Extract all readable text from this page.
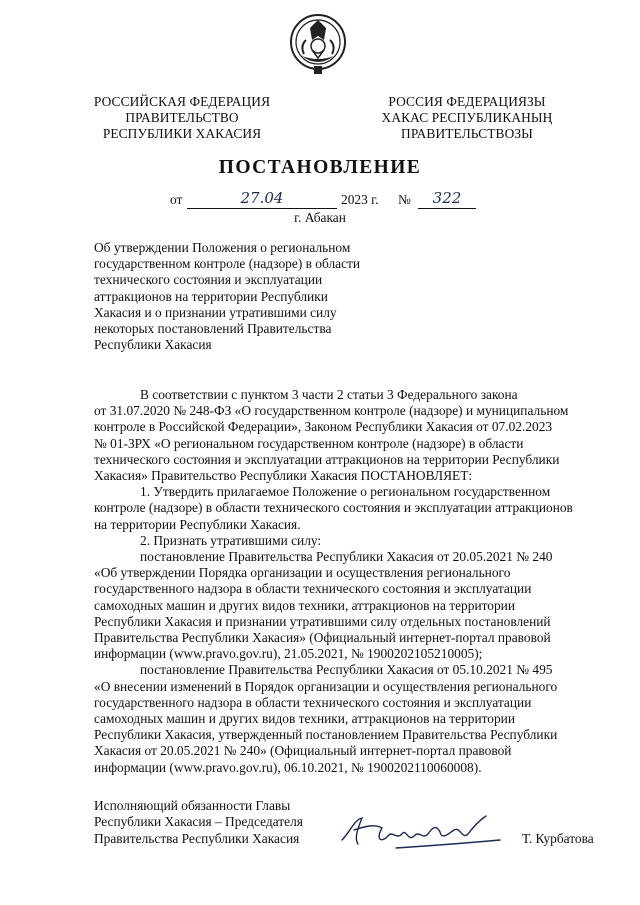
РОССИЙСКАЯ ФЕДЕРАЦИЯ
ПРАВИТЕЛЬСТВО
РЕСПУБЛИКИ ХАКАСИЯ
РОССИЯ ФЕДЕРАЦИЯЗЫ
ХАКАС РЕСПУБЛИКАНЫҢ
ПРАВИТЕЛЬСТВОЗЫ
ПОСТАНОВЛЕНИЕ
от	27.04	2023 г. №	322
г. Абакан
Об утверждении Положения о региональном
государственном контроле (надзоре) в области
технического состояния и эксплуатации
аттракционов на территории Республики
Хакасия и о признании утратившими силу
некоторых постановлений Правительства
Республики Хакасия

В соответствии с пунктом 3 части 2 статьи 3 Федерального закона
от 31.07.2020 № 248-ФЗ «О государственном контроле (надзоре) и муниципальном
контроле в Российской Федерации», Законом Республики Хакасия от 07.02.2023
№ 01-ЗРХ «О региональном государственном контроле (надзоре) в области
технического состояния и эксплуатации аттракционов на территории Республики
Хакасия» Правительство Республики Хакасия ПОСТАНОВЛЯЕТ:

1. Утвердить прилагаемое Положение о региональном государственном
контроле (надзоре) в области технического состояния и эксплуатации аттракционов
на территории Республики Хакасия.

2. Признать утратившими силу:

постановление Правительства Республики Хакасия от 20.05.2021 № 240
«Об утверждении Порядка организации и осуществления регионального
государственного надзора в области технического состояния и эксплуатации
самоходных машин и других видов техники, аттракционов на территории
Республики Хакасия и признании утратившими силу отдельных постановлений
Правительства Республики Хакасия» (Официальный интернет-портал правовой
информации (www.pravo.gov.ru), 21.05.2021, № 1900202105210005);

постановление Правительства Республики Хакасия от 05.10.2021 № 495
«О внесении изменений в Порядок организации и осуществления регионального
государственного надзора в области технического состояния и эксплуатации
самоходных машин и других видов техники, аттракционов на территории
Республики Хакасия, утвержденный постановлением Правительства Республики
Хакасия от 20.05.2021 № 240» (Официальный интернет-портал правовой
информации (www.pravo.gov.ru), 06.10.2021, № 1900202110060008).

Исполняющий обязанности Главы
Республики Хакасия – Председателя
Правительства Республики Хакасия	Т. Курбатова
